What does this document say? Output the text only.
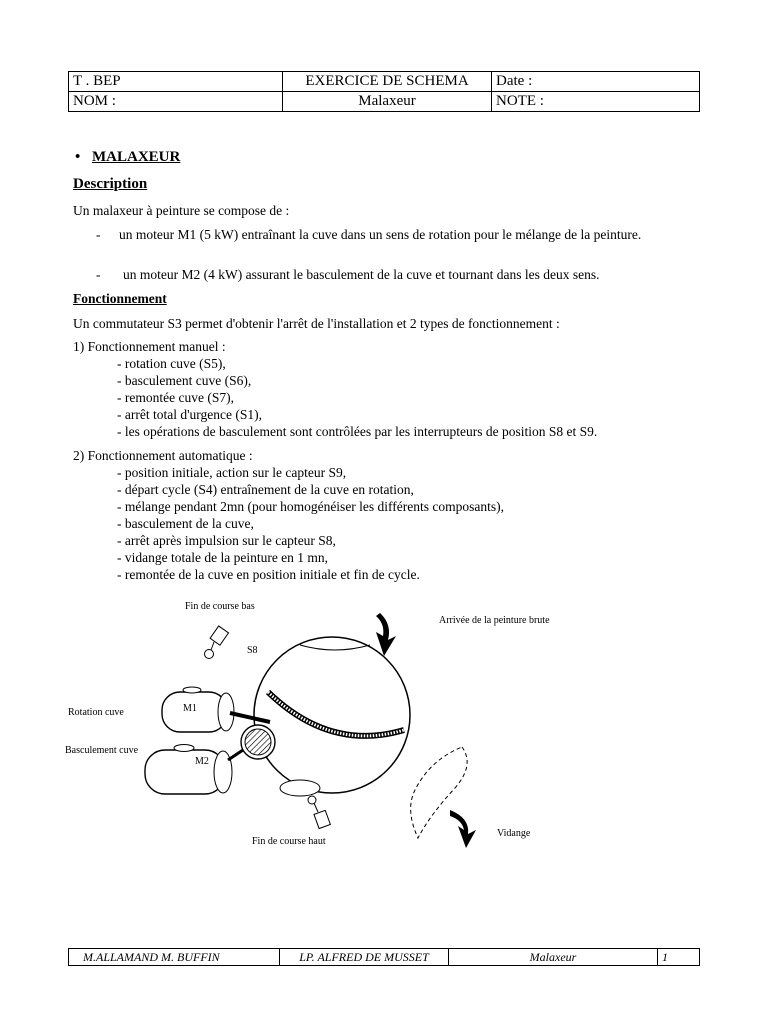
T . BEP	EXERCICE DE SCHEMA	Date :
NOM :	Malaxeur	NOTE :
• MALAXEUR
Description
Un malaxeur à peinture se compose de :
- un moteur M1 (5 kW) entraînant la cuve dans un sens de rotation pour le mélange de la peinture.
- un moteur M2 (4 kW) assurant le basculement de la cuve et tournant dans les deux sens.
Fonctionnement
Un commutateur S3 permet d'obtenir l'arrêt de l'installation et 2 types de fonctionnement :
1) Fonctionnement manuel :
- rotation cuve (S5),
- basculement cuve (S6),
- remontée cuve (S7),
- arrêt total d'urgence (S1),
- les opérations de basculement sont contrôlées par les interrupteurs de position S8 et S9.
2) Fonctionnement automatique :
- position initiale, action sur le capteur S9,
- départ cycle (S4) entraînement de la cuve en rotation,
- mélange pendant 2mn (pour homogénéiser les différents composants),
- basculement de la cuve,
- arrêt après impulsion sur le capteur S8,
- vidange totale de la peinture en 1 mn,
- remontée de la cuve en position initiale et fin de cycle.
Fin de course bas
S8
Arrivée de la peinture brute
Rotation cuve	M1
Basculement cuve
M2
Fin de course haut
Vidange
M.ALLAMAND M. BUFFIN	LP. ALFRED DE MUSSET	Malaxeur	1
